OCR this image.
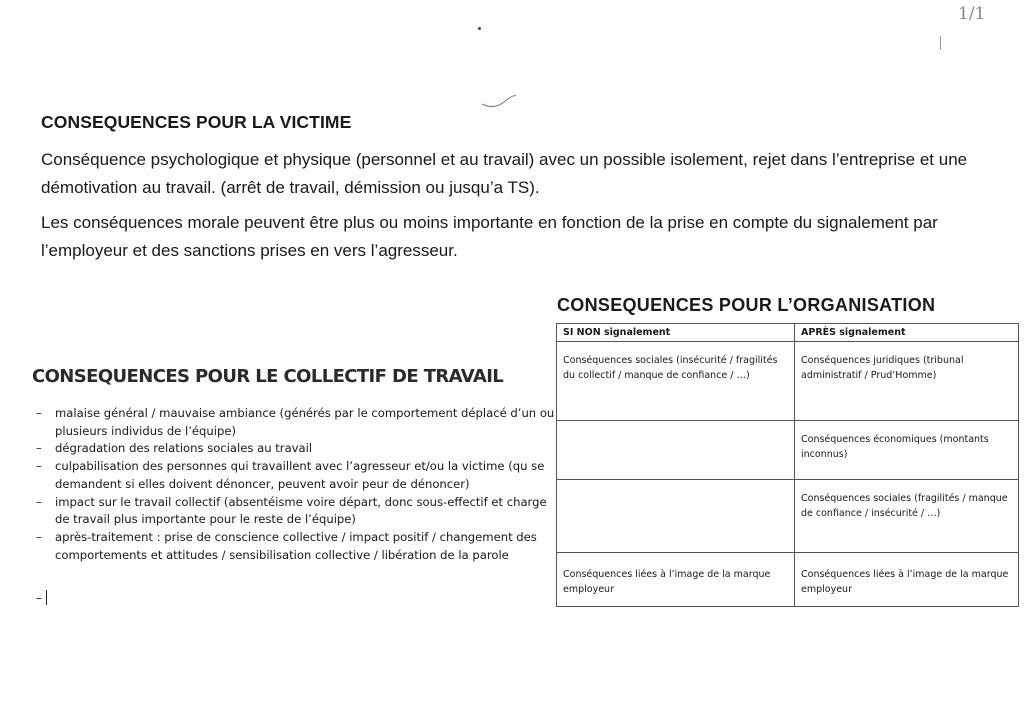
1/1
CONSEQUENCES POUR LA VICTIME
Conséquence psychologique et physique (personnel et au travail) avec un possible isolement, rejet dans l’entreprise et une démotivation au travail. (arrêt de travail, démission ou jusqu’a TS).
Les conséquences morale peuvent être plus ou moins importante en fonction de la prise en compte du signalement par l’employeur et des sanctions prises en vers l’agresseur.
CONSEQUENCES POUR L’ORGANISATION
SI NON signalement	APRÈS signalement
Conséquences sociales (insécurité / fragilités du collectif / manque de confiance / …)	Conséquences juridiques (tribunal administratif / Prud’Homme)
	Conséquences économiques (montants inconnus)
	Conséquences sociales (fragilités / manque de confiance / insécurité / …)
Conséquences liées à l’image de la marque employeur	Conséquences liées à l’image de la marque employeur
CONSEQUENCES POUR LE COLLECTIF DE TRAVAIL
– malaise général / mauvaise ambiance (générés par le comportement déplacé d’un ou plusieurs individus de l’équipe)
– dégradation des relations sociales au travail
– culpabilisation des personnes qui travaillent avec l’agresseur et/ou la victime (qu se demandent si elles doivent dénoncer, peuvent avoir peur de dénoncer)
– impact sur le travail collectif (absentéisme voire départ, donc sous-effectif et charge de travail plus importante pour le reste de l’équipe)
– après-traitement : prise de conscience collective / impact positif / changement des comportements et attitudes / sensibilisation collective / libération de la parole
–
